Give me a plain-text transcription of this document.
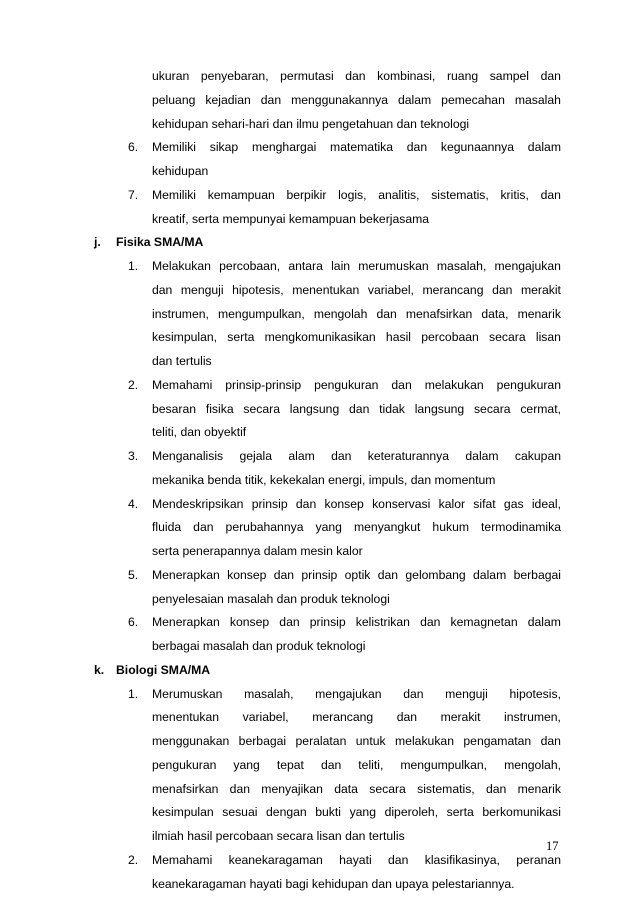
ukuran penyebaran, permutasi dan kombinasi, ruang sampel dan
peluang kejadian dan menggunakannya dalam pemecahan masalah
kehidupan sehari-hari dan ilmu pengetahuan dan teknologi
6. Memiliki sikap menghargai matematika dan kegunaannya dalam
kehidupan
7. Memiliki kemampuan berpikir logis, analitis, sistematis, kritis, dan
kreatif, serta mempunyai kemampuan bekerjasama
j. Fisika SMA/MA
1. Melakukan percobaan, antara lain merumuskan masalah, mengajukan
dan menguji hipotesis, menentukan variabel, merancang dan merakit
instrumen, mengumpulkan, mengolah dan menafsirkan data, menarik
kesimpulan, serta mengkomunikasikan hasil percobaan secara lisan
dan tertulis
2. Memahami prinsip-prinsip pengukuran dan melakukan pengukuran
besaran fisika secara langsung dan tidak langsung secara cermat,
teliti, dan obyektif
3. Menganalisis gejala alam dan keteraturannya dalam cakupan
mekanika benda titik, kekekalan energi, impuls, dan momentum
4. Mendeskripsikan prinsip dan konsep konservasi kalor sifat gas ideal,
fluida dan perubahannya yang menyangkut hukum termodinamika
serta penerapannya dalam mesin kalor
5. Menerapkan konsep dan prinsip optik dan gelombang dalam berbagai
penyelesaian masalah dan produk teknologi
6. Menerapkan konsep dan prinsip kelistrikan dan kemagnetan dalam
berbagai masalah dan produk teknologi
k. Biologi SMA/MA
1. Merumuskan masalah, mengajukan dan menguji hipotesis,
menentukan variabel, merancang dan merakit instrumen,
menggunakan berbagai peralatan untuk melakukan pengamatan dan
pengukuran yang tepat dan teliti, mengumpulkan, mengolah,
menafsirkan dan menyajikan data secara sistematis, dan menarik
kesimpulan sesuai dengan bukti yang diperoleh, serta berkomunikasi
ilmiah hasil percobaan secara lisan dan tertulis
2. Memahami keanekaragaman hayati dan klasifikasinya, peranan
keanekaragaman hayati bagi kehidupan dan upaya pelestariannya.
17
